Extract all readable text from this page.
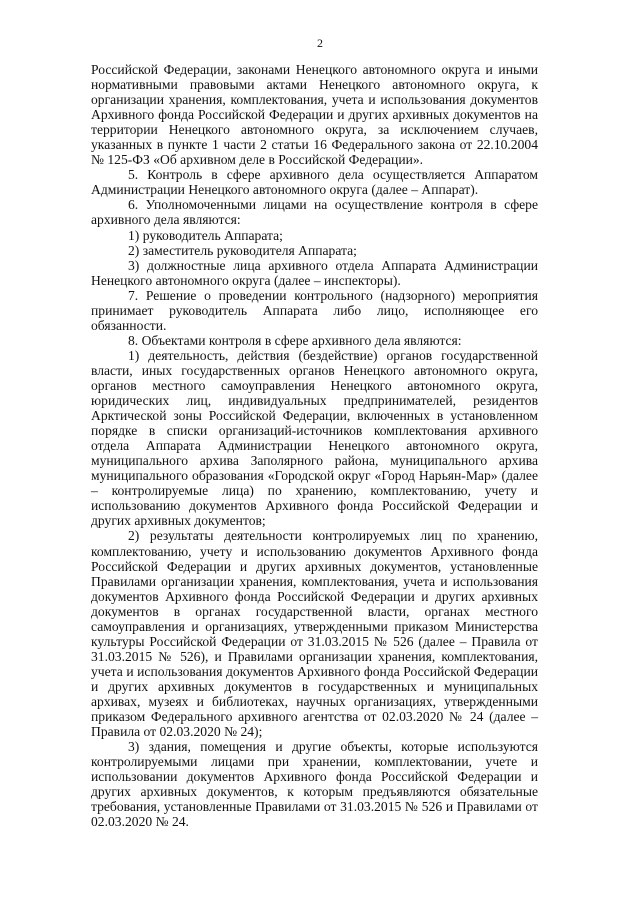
2

Российской Федерации, законами Ненецкого автономного округа и иными нормативными правовыми актами Ненецкого автономного округа, к организации хранения, комплектования, учета и использования документов Архивного фонда Российской Федерации и других архивных документов на территории Ненецкого автономного округа, за исключением случаев, указанных в пункте 1 части 2 статьи 16 Федерального закона от 22.10.2004 № 125-ФЗ «Об архивном деле в Российской Федерации».

5. Контроль в сфере архивного дела осуществляется Аппаратом Администрации Ненецкого автономного округа (далее – Аппарат).

6. Уполномоченными лицами на осуществление контроля в сфере архивного дела являются:

1) руководитель Аппарата;

2) заместитель руководителя Аппарата;

3) должностные лица архивного отдела Аппарата Администрации Ненецкого автономного округа (далее – инспекторы).

7. Решение о проведении контрольного (надзорного) мероприятия принимает руководитель Аппарата либо лицо, исполняющее его обязанности.

8. Объектами контроля в сфере архивного дела являются:

1) деятельность, действия (бездействие) органов государственной власти, иных государственных органов Ненецкого автономного округа, органов местного самоуправления Ненецкого автономного округа, юридических лиц, индивидуальных предпринимателей, резидентов Арктической зоны Российской Федерации, включенных в установленном порядке в списки организаций-источников комплектования архивного отдела Аппарата Администрации Ненецкого автономного округа, муниципального архива Заполярного района, муниципального архива муниципального образования «Городской округ «Город Нарьян-Мар» (далее – контролируемые лица) по хранению, комплектованию, учету и использованию документов Архивного фонда Российской Федерации и других архивных документов;

2) результаты деятельности контролируемых лиц по хранению, комплектованию, учету и использованию документов Архивного фонда Российской Федерации и других архивных документов, установленные Правилами организации хранения, комплектования, учета и использования документов Архивного фонда Российской Федерации и других архивных документов в органах государственной власти, органах местного самоуправления и организациях, утвержденными приказом Министерства культуры Российской Федерации от 31.03.2015 № 526 (далее – Правила от 31.03.2015 № 526), и Правилами организации хранения, комплектования, учета и использования документов Архивного фонда Российской Федерации и других архивных документов в государственных и муниципальных архивах, музеях и библиотеках, научных организациях, утвержденными приказом Федерального архивного агентства от 02.03.2020 № 24 (далее – Правила от 02.03.2020 № 24);

3) здания, помещения и другие объекты, которые используются контролируемыми лицами при хранении, комплектовании, учете и использовании документов Архивного фонда Российской Федерации и других архивных документов, к которым предъявляются обязательные требования, установленные Правилами от 31.03.2015 № 526 и Правилами от 02.03.2020 № 24.
